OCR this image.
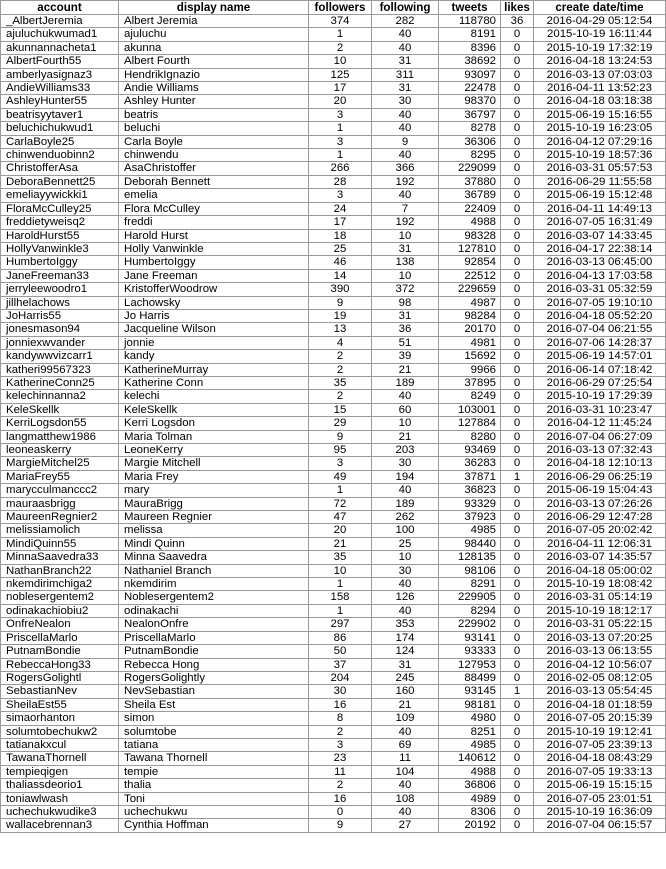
account	display name	followers	following	tweets	likes	create date/time
_AlbertJeremia	Albert Jeremia	374	282	118780	36	2016-04-29 05:12:54
ajuluchukwumad1	ajuluchu	1	40	8191	0	2015-10-19 16:11:44
akunnannacheta1	akunna	2	40	8396	0	2015-10-19 17:32:19
AlbertFourth55	Albert Fourth	10	31	38692	0	2016-04-18 13:24:53
amberlyasignaz3	HendrikIgnazio	125	311	93097	0	2016-03-13 07:03:03
AndieWilliams33	Andie Williams	17	31	22478	0	2016-04-11 13:52:23
AshleyHunter55	Ashley Hunter	20	30	98370	0	2016-04-18 03:18:38
beatrisyytaver1	beatris	3	40	36797	0	2015-06-19 15:16:55
beluchichukwud1	beluchi	1	40	8278	0	2015-10-19 16:23:05
CarlaBoyle25	Carla Boyle	3	9	36306	0	2016-04-12 07:29:16
chinwenduobinn2	chinwendu	1	40	8295	0	2015-10-19 18:57:36
ChristofferAsa	AsaChristoffer	266	366	229099	0	2016-03-31 05:57:53
DeboraBennett25	Deborah Bennett	28	192	37880	0	2016-06-29 11:55:58
emeliayywickki1	emelia	3	40	36789	0	2015-06-19 15:12:48
FloraMcCulley25	Flora McCulley	24	7	22409	0	2016-04-11 14:49:13
freddietyweisq2	freddi	17	192	4988	0	2016-07-05 16:31:49
HaroldHurst55	Harold Hurst	18	10	98328	0	2016-03-07 14:33:45
HollyVanwinkle3	Holly Vanwinkle	25	31	127810	0	2016-04-17 22:38:14
HumbertoIggy	HumbertoIggy	46	138	92854	0	2016-03-13 06:45:00
JaneFreeman33	Jane Freeman	14	10	22512	0	2016-04-13 17:03:58
jerryleewoodro1	KristofferWoodrow	390	372	229659	0	2016-03-31 05:32:59
jillhelachows	Lachowsky	9	98	4987	0	2016-07-05 19:10:10
JoHarris55	Jo Harris	19	31	98284	0	2016-04-18 05:52:20
jonesmason94	Jacqueline Wilson	13	36	20170	0	2016-07-04 06:21:55
jonniexwvander	jonnie	4	51	4981	0	2016-07-06 14:28:37
kandywwvizcarr1	kandy	2	39	15692	0	2015-06-19 14:57:01
katheri99567323	KatherineMurray	2	21	9966	0	2016-06-14 07:18:42
KatherineConn25	Katherine Conn	35	189	37895	0	2016-06-29 07:25:54
kelechinnanna2	kelechi	2	40	8249	0	2015-10-19 17:29:39
KeleSkellk	KeleSkellk	15	60	103001	0	2016-03-31 10:23:47
KerriLogsdon55	Kerri Logsdon	29	10	127884	0	2016-04-12 11:45:24
langmatthew1986	Maria Tolman	9	21	8280	0	2016-07-04 06:27:09
leoneaskerry	LeoneKerry	95	203	93469	0	2016-03-13 07:32:43
MargieMitchel25	Margie Mitchell	3	30	36283	0	2016-04-18 12:10:13
MariaFrey55	Maria Frey	49	194	37871	1	2016-06-29 06:25:19
marycculmanccc2	mary	1	40	36823	0	2015-06-19 15:04:43
mauraasbrigg	MauraBrigg	72	189	93329	0	2016-03-13 07:26:26
MaureenRegnier2	Maureen Regnier	47	262	37923	0	2016-06-29 12:47:28
melissiamolich	melissa	20	100	4985	0	2016-07-05 20:02:42
MindiQuinn55	Mindi Quinn	21	25	98440	0	2016-04-11 12:06:31
MinnaSaavedra33	Minna Saavedra	35	10	128135	0	2016-03-07 14:35:57
NathanBranch22	Nathaniel Branch	10	30	98106	0	2016-04-18 05:00:02
nkemdirimchiga2	nkemdirim	1	40	8291	0	2015-10-19 18:08:42
noblesergentem2	Noblesergentem2	158	126	229905	0	2016-03-31 05:14:19
odinakachiobiu2	odinakachi	1	40	8294	0	2015-10-19 18:12:17
OnfreNealon	NealonOnfre	297	353	229902	0	2016-03-31 05:22:15
PriscellaMarlo	PriscellaMarlo	86	174	93141	0	2016-03-13 07:20:25
PutnamBondie	PutnamBondie	50	124	93333	0	2016-03-13 06:13:55
RebeccaHong33	Rebecca Hong	37	31	127953	0	2016-04-12 10:56:07
RogersGolightl	RogersGolightly	204	245	88499	0	2016-02-05 08:12:05
SebastianNev	NevSebastian	30	160	93145	1	2016-03-13 05:54:45
SheilaEst55	Sheila Est	16	21	98181	0	2016-04-18 01:18:59
simaorhanton	simon	8	109	4980	0	2016-07-05 20:15:39
solumtobechukw2	solumtobe	2	40	8251	0	2015-10-19 19:12:41
tatianakxcul	tatiana	3	69	4985	0	2016-07-05 23:39:13
TawanaThornell	Tawana Thornell	23	11	140612	0	2016-04-18 08:43:29
tempieqigen	tempie	11	104	4988	0	2016-07-05 19:33:13
thaliassdeorio1	thalia	2	40	36806	0	2015-06-19 15:15:15
toniawlwash	Toni	16	108	4989	0	2016-07-05 23:01:51
uchechukwudike3	uchechukwu	0	40	8306	0	2015-10-19 16:36:09
wallacebrennan3	Cynthia Hoffman	9	27	20192	0	2016-07-04 06:15:57
